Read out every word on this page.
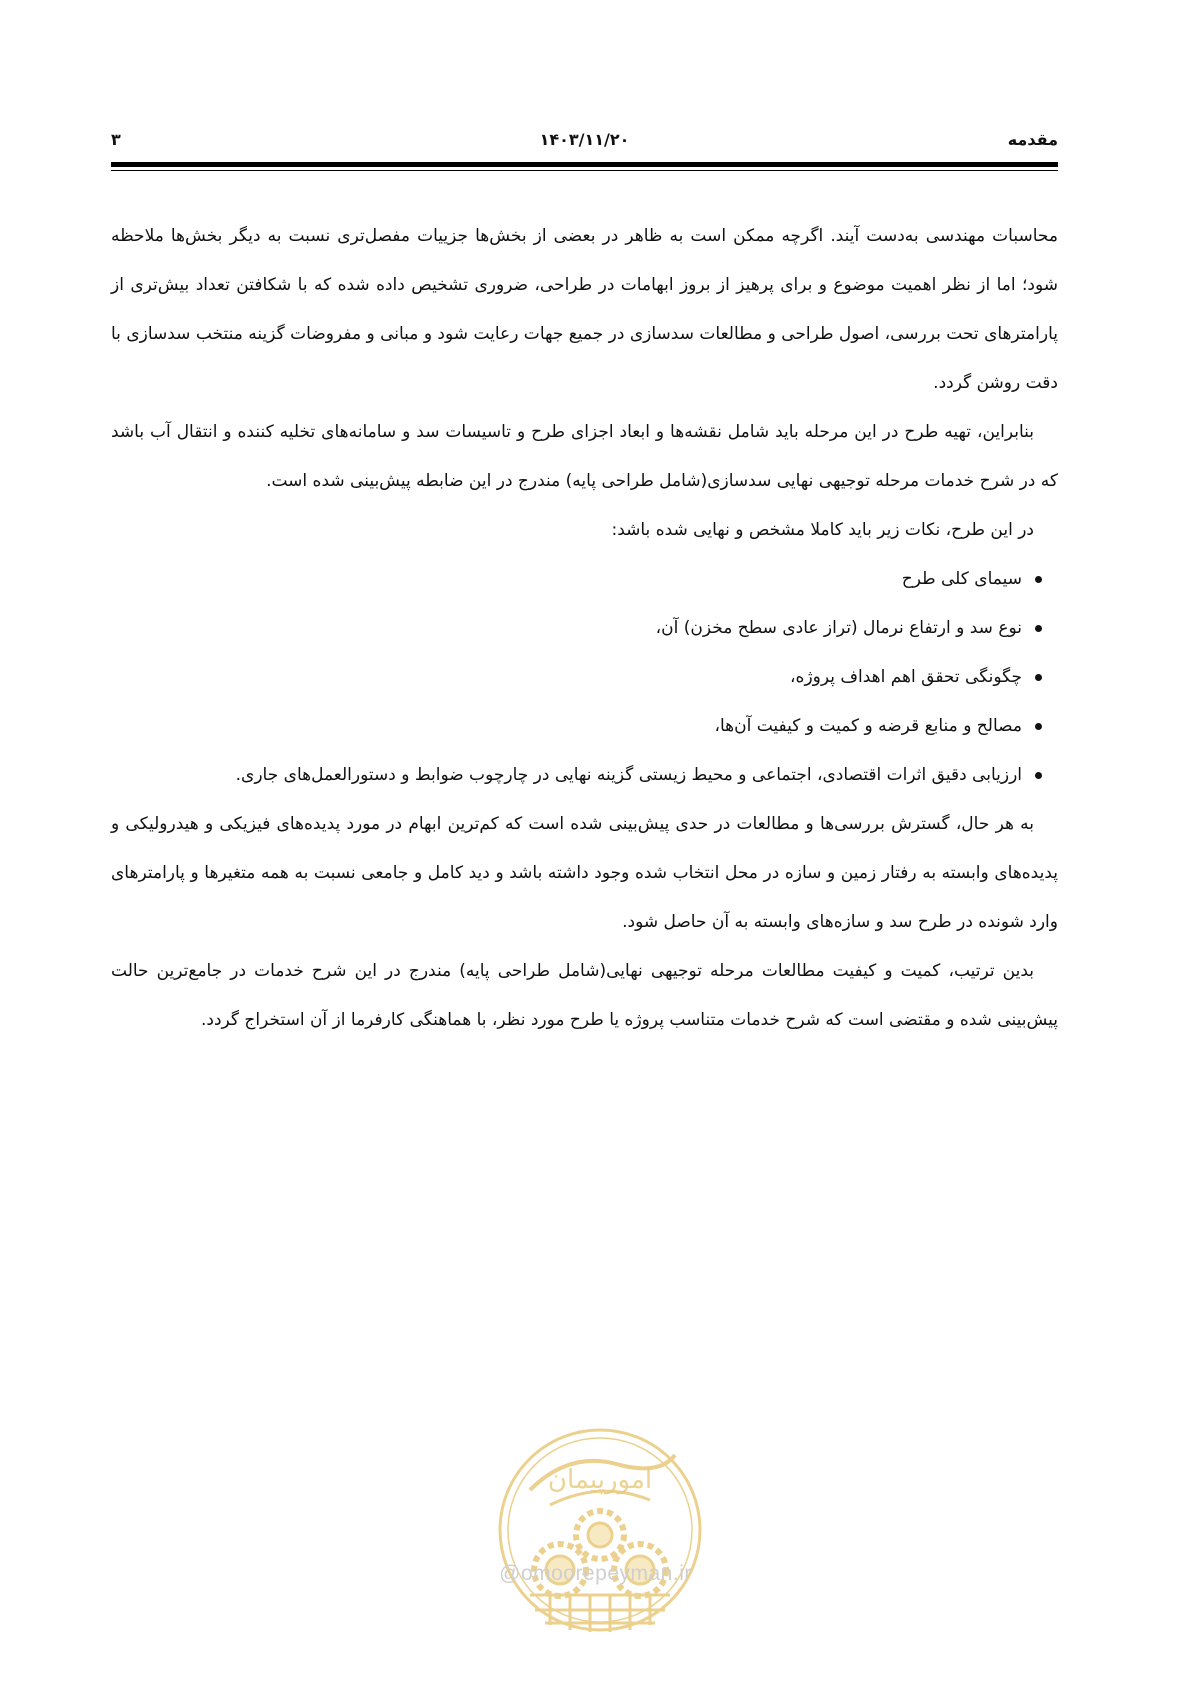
مقدمه
۱۴۰۳/۱۱/۲۰
۳

محاسبات مهندسی به‌دست آیند. اگرچه ممکن است به ظاهر در بعضی از بخش‌ها جزییات مفصل‌تری نسبت به دیگر بخش‌ها ملاحظه شود؛ اما از نظر اهمیت موضوع و برای پرهیز از بروز ابهامات در طراحی، ضروری تشخیص داده شده که با شکافتن تعداد بیش‌تری از پارامترهای تحت بررسی، اصول طراحی و مطالعات سدسازی در جمیع جهات رعایت شود و مبانی و مفروضات گزینه منتخب سدسازی با دقت روشن گردد.

بنابراین، تهیه طرح در این مرحله باید شامل نقشه‌ها و ابعاد اجزای طرح و تاسیسات سد و سامانه‌های تخلیه کننده و انتقال آب باشد که در شرح خدمات مرحله توجیهی نهایی سدسازی(شامل طراحی پایه) مندرج در این ضابطه پیش‌بینی شده است.

در این طرح، نکات زیر باید کاملا مشخص و نهایی شده باشد:

سیمای کلی طرح
نوع سد و ارتفاع نرمال (تراز عادی سطح مخزن) آن،
چگونگی تحقق اهم اهداف پروژه،
مصالح و منابع قرضه و کمیت و کیفیت آن‌ها،
ارزیابی دقیق اثرات اقتصادی، اجتماعی و محیط زیستی گزینه نهایی در چارچوب ضوابط و دستورالعمل‌های جاری.

به هر حال، گسترش بررسی‌ها و مطالعات در حدی پیش‌بینی شده است که کم‌ترین ابهام در مورد پدیده‌های فیزیکی و هیدرولیکی و پدیده‌های وابسته به رفتار زمین و سازه در محل انتخاب شده وجود داشته باشد و دید کامل و جامعی نسبت به همه متغیرها و پارامترهای وارد شونده در طرح سد و سازه‌های وابسته به آن حاصل شود.

بدین ترتیب، کمیت و کیفیت مطالعات مرحله توجیهی نهایی(شامل طراحی پایه) مندرج در این شرح خدمات در جامع‌ترین حالت پیش‌بینی شده و مقتضی است که شرح خدمات متناسب پروژه یا طرح مورد نظر، با هماهنگی کارفرما از آن استخراج گردد.

امورپیمان
@omoorepeyman.ir
